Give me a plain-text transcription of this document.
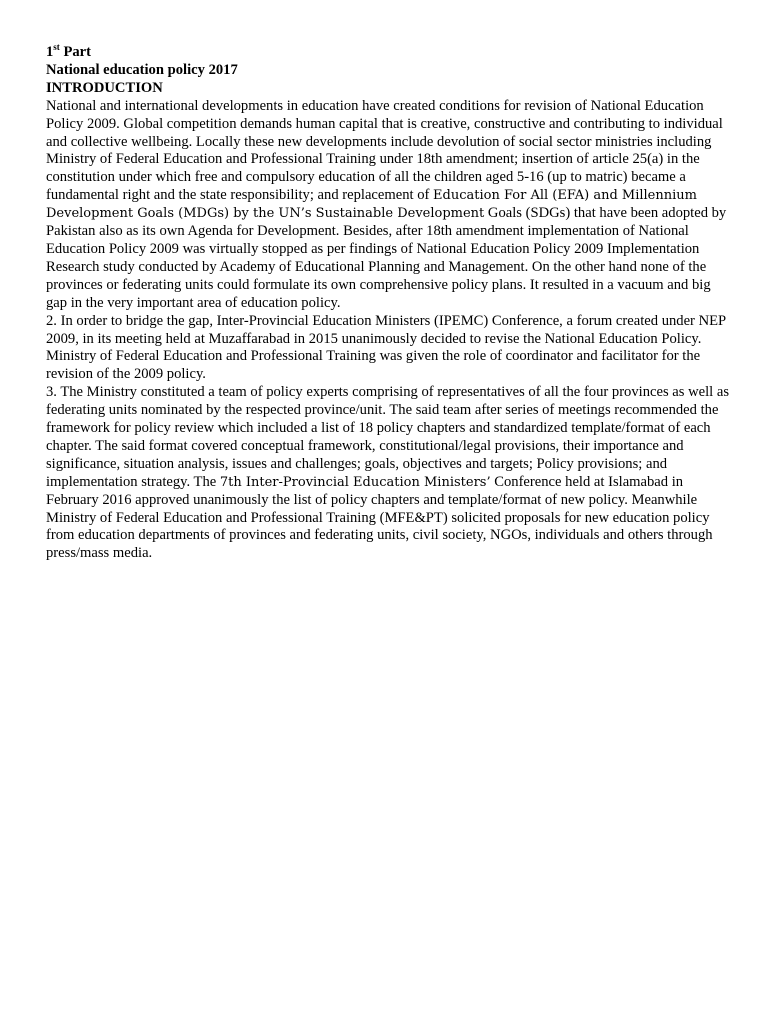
1st Part

National education policy 2017

INTRODUCTION

National and international developments in education have created conditions for revision of National Education Policy 2009. Global competition demands human capital that is creative, constructive and contributing to individual and collective wellbeing. Locally these new developments include devolution of social sector ministries including Ministry of Federal Education and Professional Training under 18th amendment; insertion of article 25(a) in the constitution under which free and compulsory education of all the children aged 5-16 (up to matric) became a fundamental right and the state responsibility; and replacement of Education For All (EFA) and Millennium Development Goals (MDGs) by the UN’s Sustainable Development Goals (SDGs) that have been adopted by Pakistan also as its own Agenda for Development. Besides, after 18th amendment implementation of National Education Policy 2009 was virtually stopped as per findings of National Education Policy 2009 Implementation Research study conducted by Academy of Educational Planning and Management. On the other hand none of the provinces or federating units could formulate its own comprehensive policy plans. It resulted in a vacuum and big gap in the very important area of education policy.

2. In order to bridge the gap, Inter-Provincial Education Ministers (IPEMC) Conference, a forum created under NEP 2009, in its meeting held at Muzaffarabad in 2015 unanimously decided to revise the National Education Policy. Ministry of Federal Education and Professional Training was given the role of coordinator and facilitator for the revision of the 2009 policy.

3. The Ministry constituted a team of policy experts comprising of representatives of all the four provinces as well as federating units nominated by the respected province/unit. The said team after series of meetings recommended the framework for policy review which included a list of 18 policy chapters and standardized template/format of each chapter. The said format covered conceptual framework, constitutional/legal provisions, their importance and significance, situation analysis, issues and challenges; goals, objectives and targets; Policy provisions; and implementation strategy. The 7th Inter-Provincial Education Ministers’ Conference held at Islamabad in February 2016 approved unanimously the list of policy chapters and template/format of new policy. Meanwhile Ministry of Federal Education and Professional Training (MFE&PT) solicited proposals for new education policy from education departments of provinces and federating units, civil society, NGOs, individuals and others through press/mass media.
